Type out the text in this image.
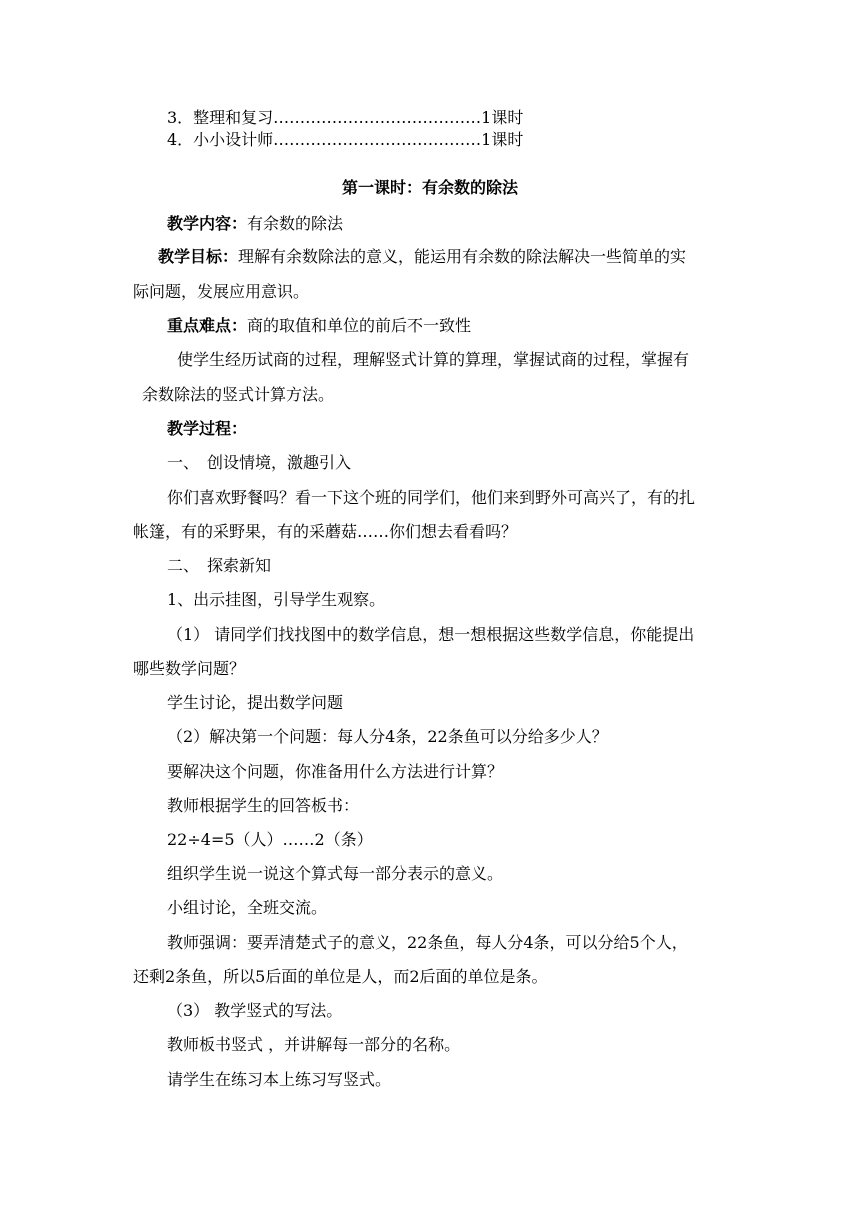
3．整理和复习…………………………………1课时
4．小小设计师…………………………………1课时
第一课时：有余数的除法
教学内容：有余数的除法
教学目标：理解有余数除法的意义，能运用有余数的除法解决一些简单的实
际问题，发展应用意识。
重点难点：商的取值和单位的前后不一致性
使学生经历试商的过程，理解竖式计算的算理，掌握试商的过程，掌握有
余数除法的竖式计算方法。
教学过程：
一、　创设情境，激趣引入
你们喜欢野餐吗？看一下这个班的同学们，他们来到野外可高兴了，有的扎
帐篷，有的采野果，有的采蘑菇……你们想去看看吗？
二、　探索新知
1、出示挂图，引导学生观察。
（1） 请同学们找找图中的数学信息，想一想根据这些数学信息，你能提出
哪些数学问题？
学生讨论，提出数学问题
（2）解决第一个问题：每人分4条，22条鱼可以分给多少人？
要解决这个问题，你准备用什么方法进行计算？
教师根据学生的回答板书：
22÷4=5（人）……2（条）
组织学生说一说这个算式每一部分表示的意义。
小组讨论，全班交流。
教师强调：要弄清楚式子的意义，22条鱼，每人分4条，可以分给5个人，
还剩2条鱼，所以5后面的单位是人，而2后面的单位是条。
（3） 教学竖式的写法。
教师板书竖式 ，并讲解每一部分的名称。
请学生在练习本上练习写竖式。
